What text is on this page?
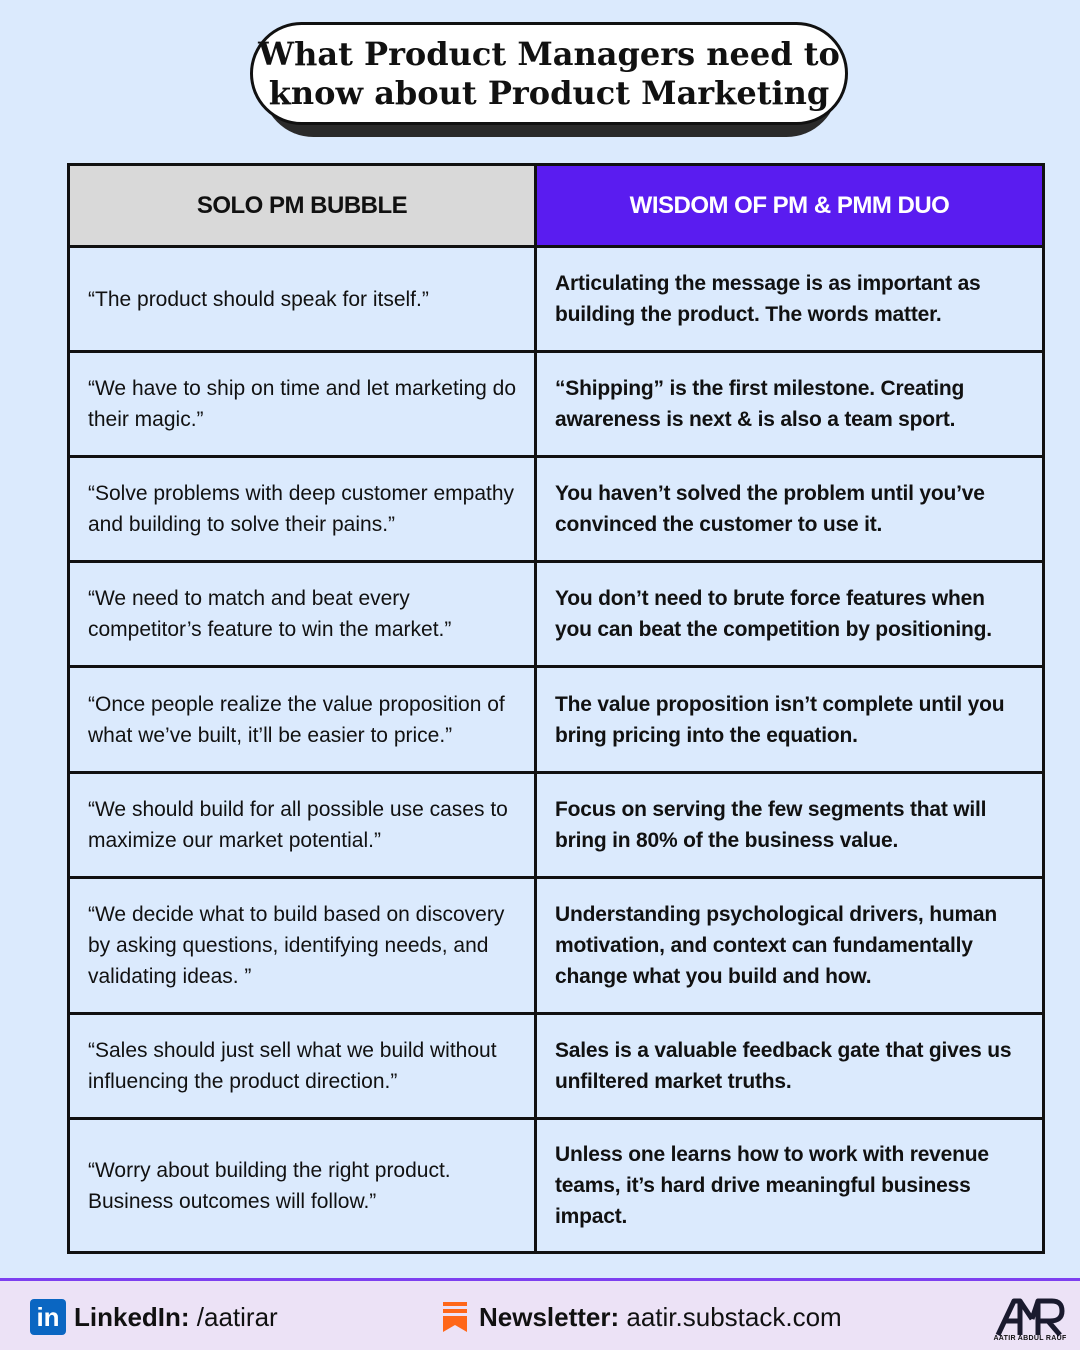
What Product Managers need to
know about Product Marketing
SOLO PM BUBBLE	WISDOM OF PM & PMM DUO
“The product should speak for itself.”
Articulating the message is as important as building the product. The words matter.
“We have to ship on time and let marketing do their magic.”
“Shipping” is the first milestone. Creating awareness is next & is also a team sport.
“Solve problems with deep customer empathy and building to solve their pains.”
You haven’t solved the problem until you’ve convinced the customer to use it.
“We need to match and beat every competitor’s feature to win the market.”
You don’t need to brute force features when you can beat the competition by positioning.
“Once people realize the value proposition of what we’ve built, it’ll be easier to price.”
The value proposition isn’t complete until you bring pricing into the equation.
“We should build for all possible use cases to maximize our market potential.”
Focus on serving the few segments that will bring in 80% of the business value.
“We decide what to build based on discovery by asking questions, identifying needs, and validating ideas. ”
Understanding psychological drivers, human motivation, and context can fundamentally change what you build and how.
“Sales should just sell what we build without influencing the product direction.”
Sales is a valuable feedback gate that gives us unfiltered market truths.
“Worry about building the right product. Business outcomes will follow.”
Unless one learns how to work with revenue teams, it’s hard drive meaningful business impact.
in LinkedIn: /aatirar	Newsletter: aatir.substack.com
AATIR ABDUL RAUF
